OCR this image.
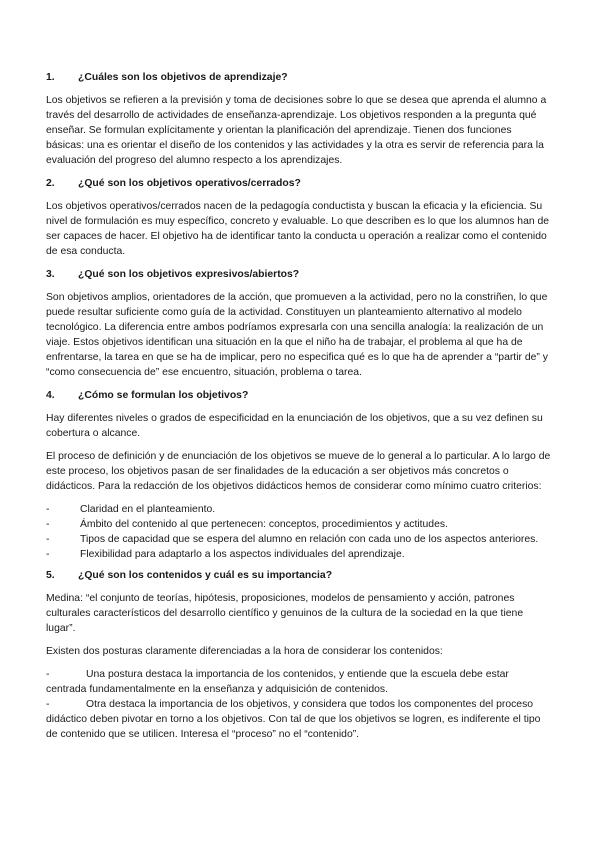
1.	¿Cuáles son los objetivos de aprendizaje?

Los objetivos se refieren a la previsión y toma de decisiones sobre lo que se desea que aprenda el alumno a través del desarrollo de actividades de enseñanza-aprendizaje. Los objetivos responden a la pregunta qué enseñar. Se formulan explícitamente y orientan la planificación del aprendizaje. Tienen dos funciones básicas: una es orientar el diseño de los contenidos y las actividades y la otra es servir de referencia para la evaluación del progreso del alumno respecto a los aprendizajes.

2.	¿Qué son los objetivos operativos/cerrados?

Los objetivos operativos/cerrados nacen de la pedagogía conductista y buscan la eficacia y la eficiencia. Su nivel de formulación es muy específico, concreto y evaluable. Lo que describen es lo que los alumnos han de ser capaces de hacer. El objetivo ha de identificar tanto la conducta u operación a realizar como el contenido de esa conducta.

3.	¿Qué son los objetivos expresivos/abiertos?

Son objetivos amplios, orientadores de la acción, que promueven a la actividad, pero no la constriñen, lo que puede resultar suficiente como guía de la actividad. Constituyen un planteamiento alternativo al modelo tecnológico. La diferencia entre ambos podríamos expresarla con una sencilla analogía: la realización de un viaje. Estos objetivos identifican una situación en la que el niño ha de trabajar, el problema al que ha de enfrentarse, la tarea en que se ha de implicar, pero no especifica qué es lo que ha de aprender a “partir de” y “como consecuencia de” ese encuentro, situación, problema o tarea.

4.	¿Cómo se formulan los objetivos?

Hay diferentes niveles o grados de especificidad en la enunciación de los objetivos, que a su vez definen su cobertura o alcance.

El proceso de definición y de enunciación de los objetivos se mueve de lo general a lo particular. A lo largo de este proceso, los objetivos pasan de ser finalidades de la educación a ser objetivos más concretos o didácticos. Para la redacción de los objetivos didácticos hemos de considerar como mínimo cuatro criterios:

-	Claridad en el planteamiento.
-	Ámbito del contenido al que pertenecen: conceptos, procedimientos y actitudes.
-	Tipos de capacidad que se espera del alumno en relación con cada uno de los aspectos anteriores.
-	Flexibilidad para adaptarlo a los aspectos individuales del aprendizaje.
5.	¿Qué son los contenidos y cuál es su importancia?

Medina: “el conjunto de teorías, hipótesis, proposiciones, modelos de pensamiento y acción, patrones culturales característicos del desarrollo científico y genuinos de la cultura de la sociedad en la que tiene lugar”.

Existen dos posturas claramente diferenciadas a la hora de considerar los contenidos:

-	Una postura destaca la importancia de los contenidos, y entiende que la escuela debe estar centrada fundamentalmente en la enseñanza y adquisición de contenidos.
-	Otra destaca la importancia de los objetivos, y considera que todos los componentes del proceso didáctico deben pivotar en torno a los objetivos. Con tal de que los objetivos se logren, es indiferente el tipo de contenido que se utilicen. Interesa el “proceso” no el “contenido”.
